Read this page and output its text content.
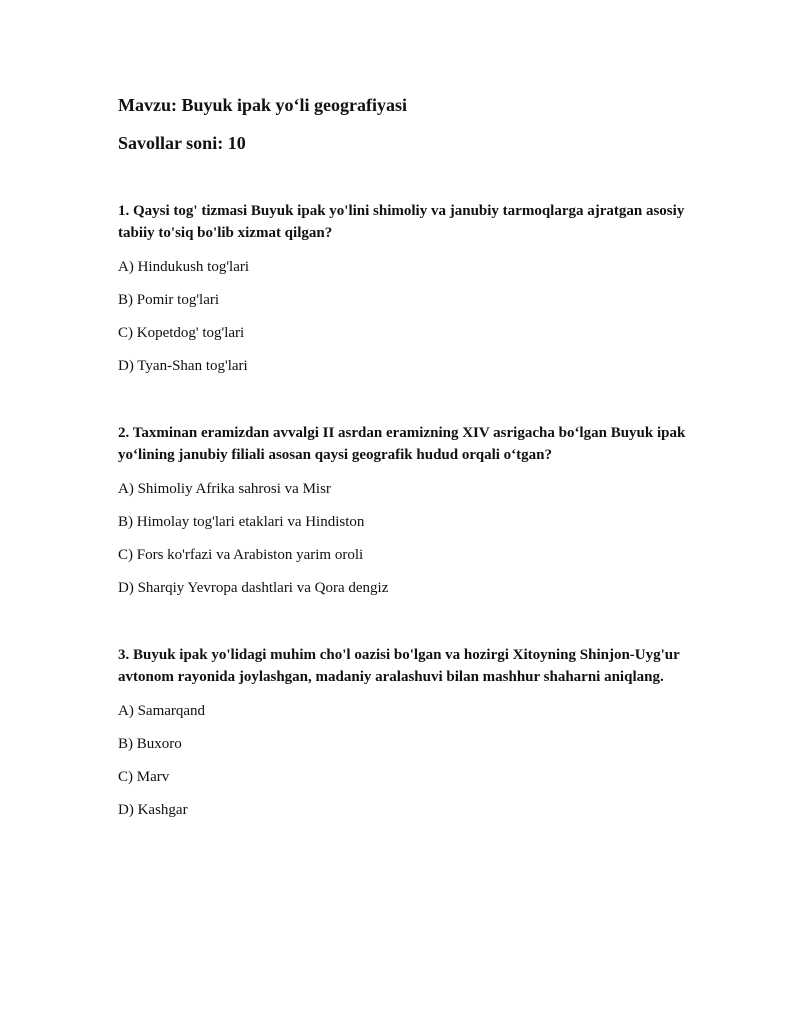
Mavzu: Buyuk ipak yo‘li geografiyasi
Savollar soni: 10

1. Qaysi tog' tizmasi Buyuk ipak yo'lini shimoliy va janubiy tarmoqlarga ajratgan asosiy tabiiy to'siq bo'lib xizmat qilgan?

A) Hindukush tog'lari

B) Pomir tog'lari

C) Kopetdog' tog'lari

D) Tyan-Shan tog'lari

2. Taxminan eramizdan avvalgi II asrdan eramizning XIV asrigacha bo‘lgan Buyuk ipak yo‘lining janubiy filiali asosan qaysi geografik hudud orqali o‘tgan?

A) Shimoliy Afrika sahrosi va Misr

B) Himolay tog'lari etaklari va Hindiston

C) Fors ko'rfazi va Arabiston yarim oroli

D) Sharqiy Yevropa dashtlari va Qora dengiz

3. Buyuk ipak yo'lidagi muhim cho'l oazisi bo'lgan va hozirgi Xitoyning Shinjon-Uyg'ur avtonom rayonida joylashgan, madaniy aralashuvi bilan mashhur shaharni aniqlang.

A) Samarqand

B) Buxoro

C) Marv

D) Kashgar
